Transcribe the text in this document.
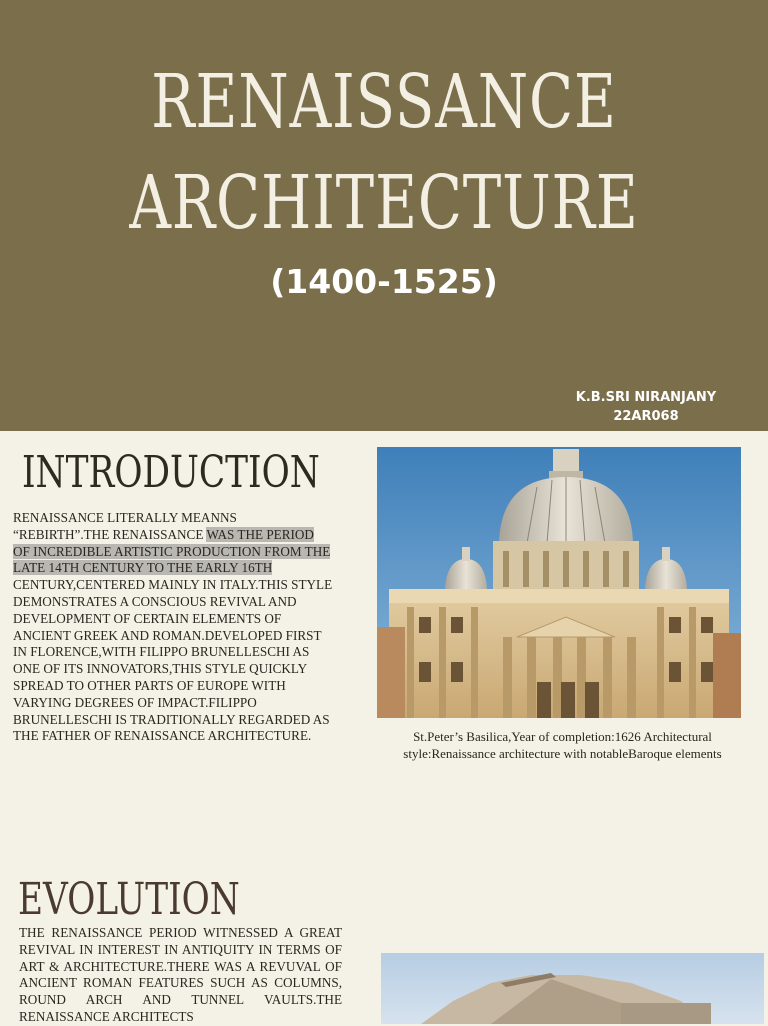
RENAISSANCE
ARCHITECTURE
(1400-1525)
K.B.SRI NIRANJANY
22AR068
INTRODUCTION
RENAISSANCE LITERALLY MEANNS “REBIRTH”.THE RENAISSANCE WAS THE PERIOD OF INCREDIBLE ARTISTIC PRODUCTION FROM THE LATE 14TH CENTURY TO THE EARLY 16TH CENTURY,CENTERED MAINLY IN ITALY.THIS STYLE DEMONSTRATES A CONSCIOUS REVIVAL AND DEVELOPMENT OF CERTAIN ELEMENTS OF ANCIENT GREEK AND ROMAN.DEVELOPED FIRST IN FLORENCE,WITH FILIPPO BRUNELLESCHI AS ONE OF ITS INNOVATORS,THIS STYLE QUICKLY SPREAD TO OTHER PARTS OF EUROPE WITH VARYING DEGREES OF IMPACT.FILIPPO BRUNELLESCHI IS TRADITIONALLY REGARDED AS THE FATHER OF RENAISSANCE ARCHITECTURE.	St.Peter’s Basilica,Year of completion:1626 Architectural style:Renaissance architecture with notableBaroque elements
EVOLUTION
THE RENAISSANCE PERIOD WITNESSED A GREAT REVIVAL IN INTEREST IN ANTIQUITY IN TERMS OF ART & ARCHITECTURE.THERE WAS A REVUVAL OF ANCIENT ROMAN FEATURES SUCH AS COLUMNS, ROUND ARCH AND TUNNEL VAULTS.THE RENAISSANCE ARCHITECTS
